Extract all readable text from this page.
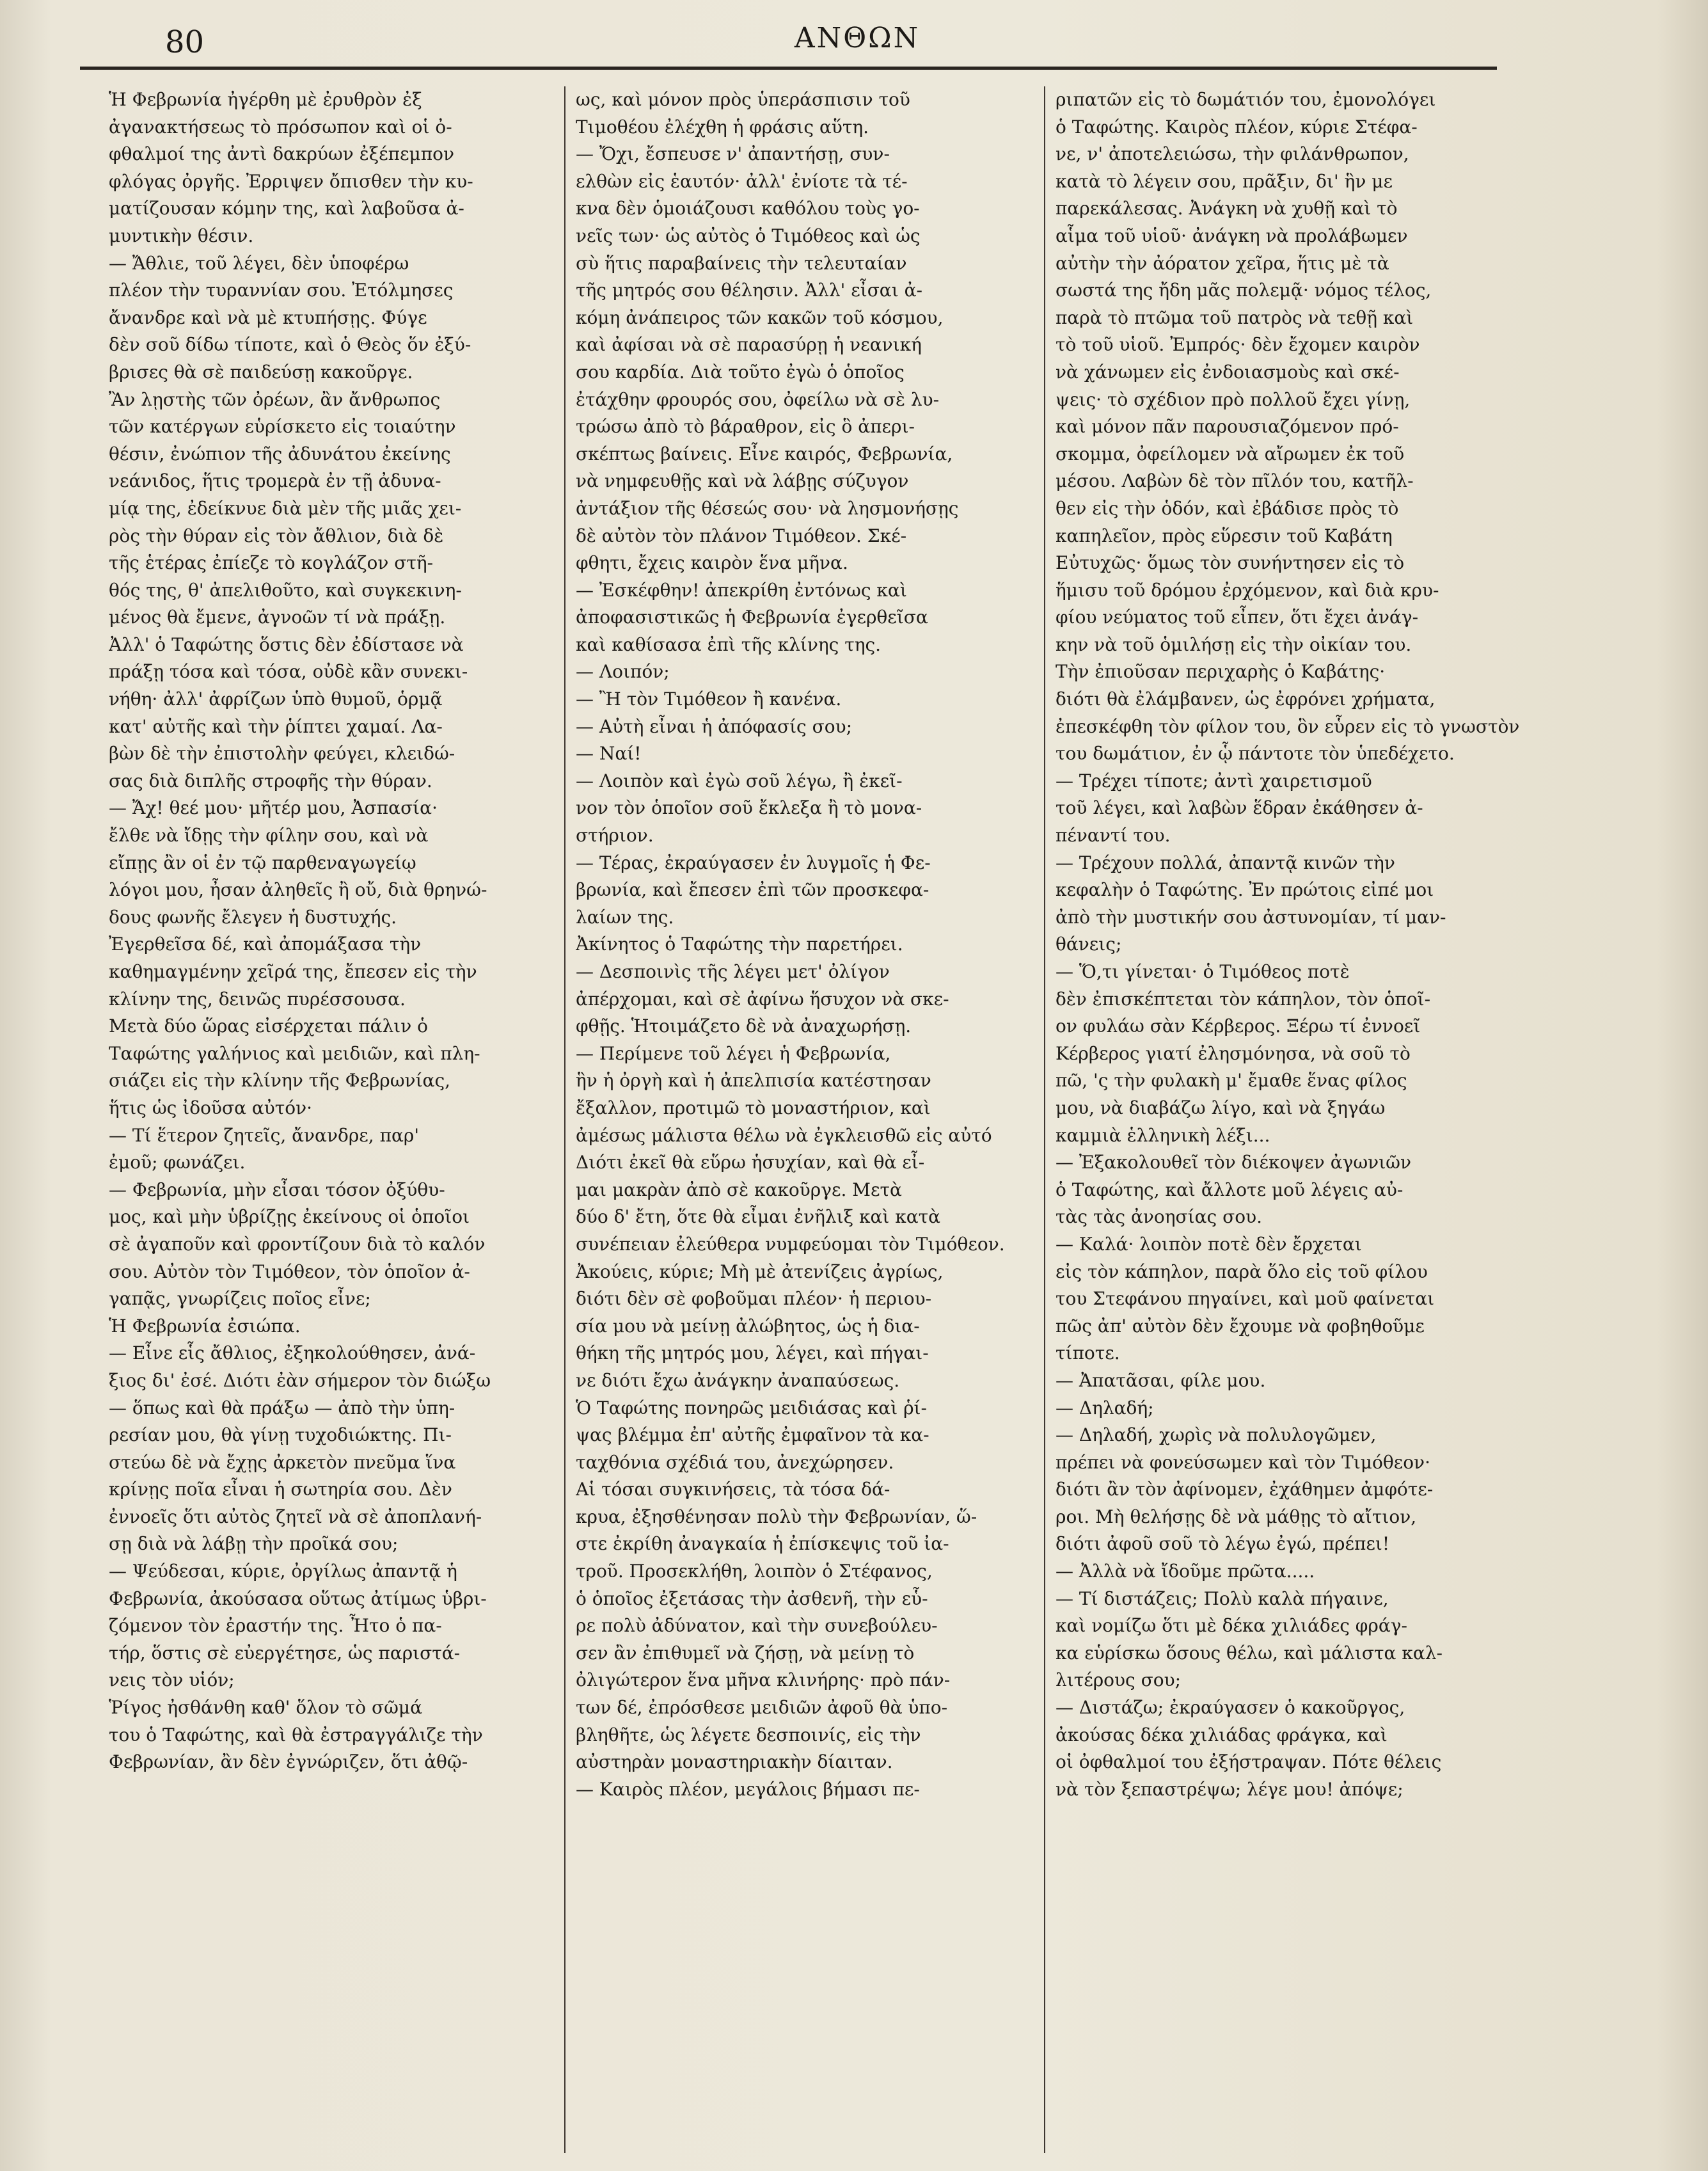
80	ΑΝΘΩΝ
Ἡ Φεβρωνία ἠγέρθη μὲ ἐρυθρὸν ἐξ
ἀγανακτήσεως τὸ πρόσωπον καὶ οἱ ὀ-
φθαλμοί της ἀντὶ δακρύων ἐξέπεμπον
φλόγας ὀργῆς. Ἐρριψεν ὄπισθεν τὴν κυ-
ματίζουσαν κόμην της, καὶ λαβοῦσα ἀ-
μυντικὴν θέσιν.
— Ἄθλιε, τοῦ λέγει, δὲν ὑποφέρω
πλέον τὴν τυραννίαν σου. Ἐτόλμησες
ἄνανδρε καὶ νὰ μὲ κτυπήσῃς. Φύγε
δὲν σοῦ δίδω τίποτε, καὶ ὁ Θεὸς ὅν ἐξύ-
βρισες θὰ σὲ παιδεύσῃ κακοῦργε.
Ἂν λῃστὴς τῶν ὀρέων, ἂν ἄνθρωπος
τῶν κατέργων εὑρίσκετο εἰς τοιαύτην
θέσιν, ἐνώπιον τῆς ἀδυνάτου ἐκείνης
νεάνιδος, ἥτις τρομερὰ ἐν τῇ ἀδυνα-
μίᾳ της, ἐδείκνυε διὰ μὲν τῆς μιᾶς χει-
ρὸς τὴν θύραν εἰς τὸν ἄθλιον, διὰ δὲ
τῆς ἑτέρας ἐπίεζε τὸ κογλάζον στῆ-
θός της, θ' ἀπελιθοῦτο, καὶ συγκεκινη-
μένος θὰ ἔμενε, ἀγνοῶν τί νὰ πράξῃ.
Ἀλλ' ὁ Ταφώτης ὅστις δὲν ἐδίστασε νὰ
πράξῃ τόσα καὶ τόσα, οὐδὲ κἂν συνεκι-
νήθη· ἀλλ' ἀφρίζων ὑπὸ θυμοῦ, ὁρμᾷ
κατ' αὐτῆς καὶ τὴν ῥίπτει χαμαί. Λα-
βὼν δὲ τὴν ἐπιστολὴν φεύγει, κλειδώ-
σας διὰ διπλῆς στροφῆς τὴν θύραν.
— Ἄχ! θεέ μου· μῆτέρ μου, Ἀσπασία·
ἔλθε νὰ ἴδῃς τὴν φίλην σου, καὶ νὰ
εἴπῃς ἂν οἱ ἐν τῷ παρθεναγωγείῳ
λόγοι μου, ἦσαν ἀληθεῖς ἢ οὔ, διὰ θρηνώ-
δους φωνῆς ἔλεγεν ἡ δυστυχής.
Ἐγερθεῖσα δέ, καὶ ἀπομάξασα τὴν
καθημαγμένην χεῖρά της, ἔπεσεν εἰς τὴν
κλίνην της, δεινῶς πυρέσσουσα.
Μετὰ δύο ὥρας εἰσέρχεται πάλιν ὁ
Ταφώτης γαλήνιος καὶ μειδιῶν, καὶ πλη-
σιάζει εἰς τὴν κλίνην τῆς Φεβρωνίας,
ἥτις ὡς ἰδοῦσα αὐτόν·
— Τί ἕτερον ζητεῖς, ἄνανδρε, παρ'
ἐμοῦ; φωνάζει.
— Φεβρωνία, μὴν εἶσαι τόσον ὀξύθυ-
μος, καὶ μὴν ὑβρίζῃς ἐκείνους οἱ ὁποῖοι
σὲ ἀγαποῦν καὶ φροντίζουν διὰ τὸ καλόν
σου. Αὐτὸν τὸν Τιμόθεον, τὸν ὁποῖον ἀ-
γαπᾷς, γνωρίζεις ποῖος εἶνε;
Ἡ Φεβρωνία ἐσιώπα.
— Εἶνε εἷς ἄθλιος, ἐξηκολούθησεν, ἀνά-
ξιος δι' ἐσέ. Διότι ἐὰν σήμερον τὸν διώξω
— ὅπως καὶ θὰ πράξω — ἀπὸ τὴν ὑπη-
ρεσίαν μου, θὰ γίνῃ τυχοδιώκτης. Πι-
στεύω δὲ νὰ ἔχῃς ἀρκετὸν πνεῦμα ἵνα
κρίνῃς ποῖα εἶναι ἡ σωτηρία σου. Δὲν
ἐννοεῖς ὅτι αὐτὸς ζητεῖ νὰ σὲ ἀποπλανή-
σῃ διὰ νὰ λάβῃ τὴν προῖκά σου;
— Ψεύδεσαι, κύριε, ὀργίλως ἀπαντᾷ ἡ
Φεβρωνία, ἀκούσασα οὕτως ἀτίμως ὑβρι-
ζόμενον τὸν ἐραστήν της. Ἦτο ὁ πα-
τήρ, ὅστις σὲ εὐεργέτησε, ὡς παριστά-
νεις τὸν υἱόν;
Ῥίγος ἠσθάνθη καθ' ὅλον τὸ σῶμά
του ὁ Ταφώτης, καὶ θὰ ἐστραγγάλιζε τὴν
Φεβρωνίαν, ἂν δὲν ἐγνώριζεν, ὅτι ἀθῷ-
ως, καὶ μόνον πρὸς ὑπεράσπισιν τοῦ
Τιμοθέου ἐλέχθη ἡ φράσις αὕτη.
— Ὄχι, ἔσπευσε ν' ἀπαντήσῃ, συν-
ελθὼν εἰς ἑαυτόν· ἀλλ' ἐνίοτε τὰ τέ-
κνα δὲν ὁμοιάζουσι καθόλου τοὺς γο-
νεῖς των· ὡς αὐτὸς ὁ Τιμόθεος καὶ ὡς
σὺ ἥτις παραβαίνεις τὴν τελευταίαν
τῆς μητρός σου θέλησιν. Ἀλλ' εἶσαι ἀ-
κόμη ἀνάπειρος τῶν κακῶν τοῦ κόσμου,
καὶ ἀφίσαι νὰ σὲ παρασύρῃ ἡ νεανική
σου καρδία. Διὰ τοῦτο ἐγὼ ὁ ὁποῖος
ἐτάχθην φρουρός σου, ὀφείλω νὰ σὲ λυ-
τρώσω ἀπὸ τὸ βάραθρον, εἰς ὃ ἀπερι-
σκέπτως βαίνεις. Εἶνε καιρός, Φεβρωνία,
νὰ νημφευθῇς καὶ νὰ λάβῃς σύζυγον
ἀντάξιον τῆς θέσεώς σου· νὰ λησμονήσῃς
δὲ αὐτὸν τὸν πλάνον Τιμόθεον. Σκέ-
φθητι, ἔχεις καιρὸν ἕνα μῆνα.
— Ἐσκέφθην! ἀπεκρίθη ἐντόνως καὶ
ἀποφασιστικῶς ἡ Φεβρωνία ἐγερθεῖσα
καὶ καθίσασα ἐπὶ τῆς κλίνης της.
— Λοιπόν;
— Ἢ τὸν Τιμόθεον ἢ κανένα.
— Αὐτὴ εἶναι ἡ ἀπόφασίς σου;
— Ναί!
— Λοιπὸν καὶ ἐγὼ σοῦ λέγω, ἢ ἐκεῖ-
νον τὸν ὁποῖον σοῦ ἔκλεξα ἢ τὸ μονα-
στήριον.
— Τέρας, ἐκραύγασεν ἐν λυγμοῖς ἡ Φε-
βρωνία, καὶ ἔπεσεν ἐπὶ τῶν προσκεφα-
λαίων της.
Ἀκίνητος ὁ Ταφώτης τὴν παρετήρει.
— Δεσποινὶς τῆς λέγει μετ' ὀλίγον
ἀπέρχομαι, καὶ σὲ ἀφίνω ἥσυχον νὰ σκε-
φθῇς. Ἡτοιμάζετο δὲ νὰ ἀναχωρήσῃ.
— Περίμενε τοῦ λέγει ἡ Φεβρωνία,
ἣν ἡ ὀργὴ καὶ ἡ ἀπελπισία κατέστησαν
ἔξαλλον, προτιμῶ τὸ μοναστήριον, καὶ
ἀμέσως μάλιστα θέλω νὰ ἐγκλεισθῶ εἰς αὐτό
Διότι ἐκεῖ θὰ εὕρω ἡσυχίαν, καὶ θὰ εἶ-
μαι μακρὰν ἀπὸ σὲ κακοῦργε. Μετὰ
δύο δ' ἔτη, ὅτε θὰ εἶμαι ἐνῆλιξ καὶ κατὰ
συνέπειαν ἐλεύθερα νυμφεύομαι τὸν Τιμόθεον.
Ἀκούεις, κύριε; Μὴ μὲ ἀτενίζεις ἀγρίως,
διότι δὲν σὲ φοβοῦμαι πλέον· ἡ περιου-
σία μου νὰ μείνῃ ἀλώβητος, ὡς ἡ δια-
θήκη τῆς μητρός μου, λέγει, καὶ πήγαι-
νε διότι ἔχω ἀνάγκην ἀναπαύσεως.
Ὁ Ταφώτης πονηρῶς μειδιάσας καὶ ῥί-
ψας βλέμμα ἐπ' αὐτῆς ἐμφαῖνον τὰ κα-
ταχθόνια σχέδιά του, ἀνεχώρησεν.
Αἱ τόσαι συγκινήσεις, τὰ τόσα δά-
κρυα, ἐξησθένησαν πολὺ τὴν Φεβρωνίαν, ὥ-
στε ἐκρίθη ἀναγκαία ἡ ἐπίσκεψις τοῦ ἰα-
τροῦ. Προσεκλήθη, λοιπὸν ὁ Στέφανος,
ὁ ὁποῖος ἐξετάσας τὴν ἀσθενῆ, τὴν εὗ-
ρε πολὺ ἀδύνατον, καὶ τὴν συνεβούλευ-
σεν ἂν ἐπιθυμεῖ νὰ ζήσῃ, νὰ μείνῃ τὸ
ὀλιγώτερον ἕνα μῆνα κλινήρης· πρὸ πάν-
των δέ, ἐπρόσθεσε μειδιῶν ἀφοῦ θὰ ὑπο-
βληθῆτε, ὡς λέγετε δεσποινίς, εἰς τὴν
αὐστηρὰν μοναστηριακὴν δίαιταν.
— Καιρὸς πλέον, μεγάλοις βήμασι πε-
ριπατῶν εἰς τὸ δωμάτιόν του, ἐμονολόγει
ὁ Ταφώτης. Καιρὸς πλέον, κύριε Στέφα-
νε, ν' ἀποτελειώσω, τὴν φιλάνθρωπον,
κατὰ τὸ λέγειν σου, πρᾶξιν, δι' ἣν με
παρεκάλεσας. Ἀνάγκη νὰ χυθῇ καὶ τὸ
αἷμα τοῦ υἱοῦ· ἀνάγκη νὰ προλάβωμεν
αὐτὴν τὴν ἀόρατον χεῖρα, ἥτις μὲ τὰ
σωστά της ἤδη μᾶς πολεμᾷ· νόμος τέλος,
παρὰ τὸ πτῶμα τοῦ πατρὸς νὰ τεθῇ καὶ
τὸ τοῦ υἱοῦ. Ἐμπρός· δὲν ἔχομεν καιρὸν
νὰ χάνωμεν εἰς ἐνδοιασμοὺς καὶ σκέ-
ψεις· τὸ σχέδιον πρὸ πολλοῦ ἔχει γίνῃ,
καὶ μόνον πᾶν παρουσιαζόμενον πρό-
σκομμα, ὀφείλομεν νὰ αἴρωμεν ἐκ τοῦ
μέσου. Λαβὼν δὲ τὸν πῖλόν του, κατῆλ-
θεν εἰς τὴν ὁδόν, καὶ ἐβάδισε πρὸς τὸ
καπηλεῖον, πρὸς εὕρεσιν τοῦ Καβάτη
Εὐτυχῶς· ὅμως τὸν συνήντησεν εἰς τὸ
ἥμισυ τοῦ δρόμου ἐρχόμενον, καὶ διὰ κρυ-
φίου νεύματος τοῦ εἶπεν, ὅτι ἔχει ἀνάγ-
κην νὰ τοῦ ὁμιλήσῃ εἰς τὴν οἰκίαν του.
Τὴν ἐπιοῦσαν περιχαρὴς ὁ Καβάτης·
διότι θὰ ἐλάμβανεν, ὡς ἐφρόνει χρήματα,
ἐπεσκέφθη τὸν φίλον του, ὃν εὗρεν εἰς τὸ γνωστὸν
του δωμάτιον, ἐν ᾧ πάντοτε τὸν ὑπεδέχετο.
— Τρέχει τίποτε; ἀντὶ χαιρετισμοῦ
τοῦ λέγει, καὶ λαβὼν ἕδραν ἐκάθησεν ἀ-
πέναντί του.
— Τρέχουν πολλά, ἀπαντᾷ κινῶν τὴν
κεφαλὴν ὁ Ταφώτης. Ἐν πρώτοις εἰπέ μοι
ἀπὸ τὴν μυστικήν σου ἀστυνομίαν, τί μαν-
θάνεις;
— Ὅ,τι γίνεται· ὁ Τιμόθεος ποτὲ
δὲν ἐπισκέπτεται τὸν κάπηλον, τὸν ὁποῖ-
ον φυλάω σὰν Κέρβερος. Ξέρω τί ἐννοεῖ
Κέρβερος γιατί ἐλησμόνησα, νὰ σοῦ τὸ
πῶ, 'ς τὴν φυλακὴ μ' ἔμαθε ἕνας φίλος
μου, νὰ διαβάζω λίγο, καὶ νὰ ξηγάω
καμμιὰ ἑλληνικὴ λέξι...
— Ἐξακολουθεῖ τὸν διέκοψεν ἀγωνιῶν
ὁ Ταφώτης, καὶ ἄλλοτε μοῦ λέγεις αὐ-
τὰς τὰς ἀνοησίας σου.
— Καλά· λοιπὸν ποτὲ δὲν ἔρχεται
εἰς τὸν κάπηλον, παρὰ ὅλο εἰς τοῦ φίλου
του Στεφάνου πηγαίνει, καὶ μοῦ φαίνεται
πῶς ἀπ' αὐτὸν δὲν ἔχουμε νὰ φοβηθοῦμε
τίποτε.
— Ἀπατᾶσαι, φίλε μου.
— Δηλαδή;
— Δηλαδή, χωρὶς νὰ πολυλογῶμεν,
πρέπει νὰ φονεύσωμεν καὶ τὸν Τιμόθεον·
διότι ἂν τὸν ἀφίνομεν, ἐχάθημεν ἀμφότε-
ροι. Μὴ θελήσῃς δὲ νὰ μάθῃς τὸ αἴτιον,
διότι ἀφοῦ σοῦ τὸ λέγω ἐγώ, πρέπει!
— Ἀλλὰ νὰ ἴδοῦμε πρῶτα.....
— Τί διστάζεις; Πολὺ καλὰ πήγαινε,
καὶ νομίζω ὅτι μὲ δέκα χιλιάδες φράγ-
κα εὑρίσκω ὅσους θέλω, καὶ μάλιστα καλ-
λιτέρους σου;
— Διστάζω; ἐκραύγασεν ὁ κακοῦργος,
ἀκούσας δέκα χιλιάδας φράγκα, καὶ
οἱ ὀφθαλμοί του ἐξήστραψαν. Πότε θέλεις
νὰ τὸν ξεπαστρέψω; λέγε μου! ἀπόψε;
